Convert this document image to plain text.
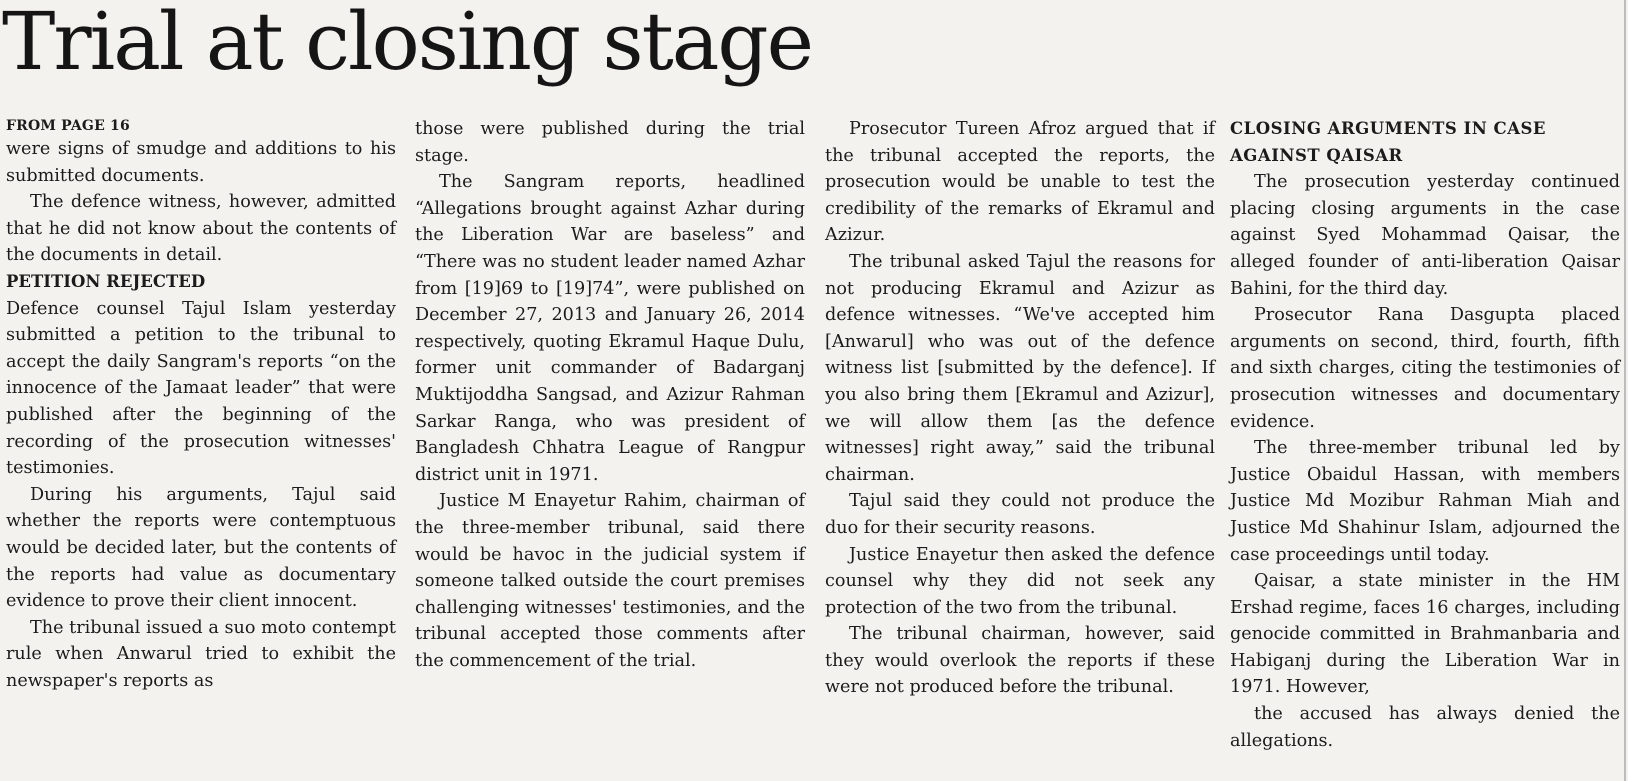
Trial at closing stage

FROM PAGE 16

were signs of smudge and additions to his submitted documents.

The defence witness, however, admitted that he did not know about the contents of the documents in detail.

PETITION REJECTED

Defence counsel Tajul Islam yesterday submitted a petition to the tribunal to accept the daily Sangram's reports “on the innocence of the Jamaat leader” that were published after the beginning of the recording of the prosecution witnesses' testimonies.

During his arguments, Tajul said whether the reports were contemptuous would be decided later, but the contents of the reports had value as documentary evidence to prove their client innocent.

The tribunal issued a suo moto contempt rule when Anwarul tried to exhibit the newspaper's reports as

those were published during the trial stage.

The Sangram reports, headlined “Allegations brought against Azhar during the Liberation War are baseless” and “There was no student leader named Azhar from [19]69 to [19]74”, were published on December 27, 2013 and January 26, 2014 respectively, quoting Ekramul Haque Dulu, former unit commander of Badarganj Muktijoddha Sangsad, and Azizur Rahman Sarkar Ranga, who was president of Bangladesh Chhatra League of Rangpur district unit in 1971.

Justice M Enayetur Rahim, chairman of the three-member tribunal, said there would be havoc in the judicial system if someone talked outside the court premises challenging witnesses' testimonies, and the tribunal accepted those comments after the commencement of the trial.

Prosecutor Tureen Afroz argued that if the tribunal accepted the reports, the prosecution would be unable to test the credibility of the remarks of Ekramul and Azizur.

The tribunal asked Tajul the reasons for not producing Ekramul and Azizur as defence witnesses. “We've accepted him [Anwarul] who was out of the defence witness list [submitted by the defence]. If you also bring them [Ekramul and Azizur], we will allow them [as the defence witnesses] right away,” said the tribunal chairman.

Tajul said they could not produce the duo for their security reasons.

Justice Enayetur then asked the defence counsel why they did not seek any protection of the two from the tribunal.

The tribunal chairman, however, said they would overlook the reports if these were not produced before the tribunal.

CLOSING ARGUMENTS IN CASE AGAINST QAISAR

The prosecution yesterday continued placing closing arguments in the case against Syed Mohammad Qaisar, the alleged founder of anti-liberation Qaisar Bahini, for the third day.

Prosecutor Rana Dasgupta placed arguments on second, third, fourth, fifth and sixth charges, citing the testimonies of prosecution witnesses and documentary evidence.

The three-member tribunal led by Justice Obaidul Hassan, with members Justice Md Mozibur Rahman Miah and Justice Md Shahinur Islam, adjourned the case proceedings until today.

Qaisar, a state minister in the HM Ershad regime, faces 16 charges, including genocide committed in Brahmanbaria and Habiganj during the Liberation War in 1971. However,

the accused has always denied the allegations.
